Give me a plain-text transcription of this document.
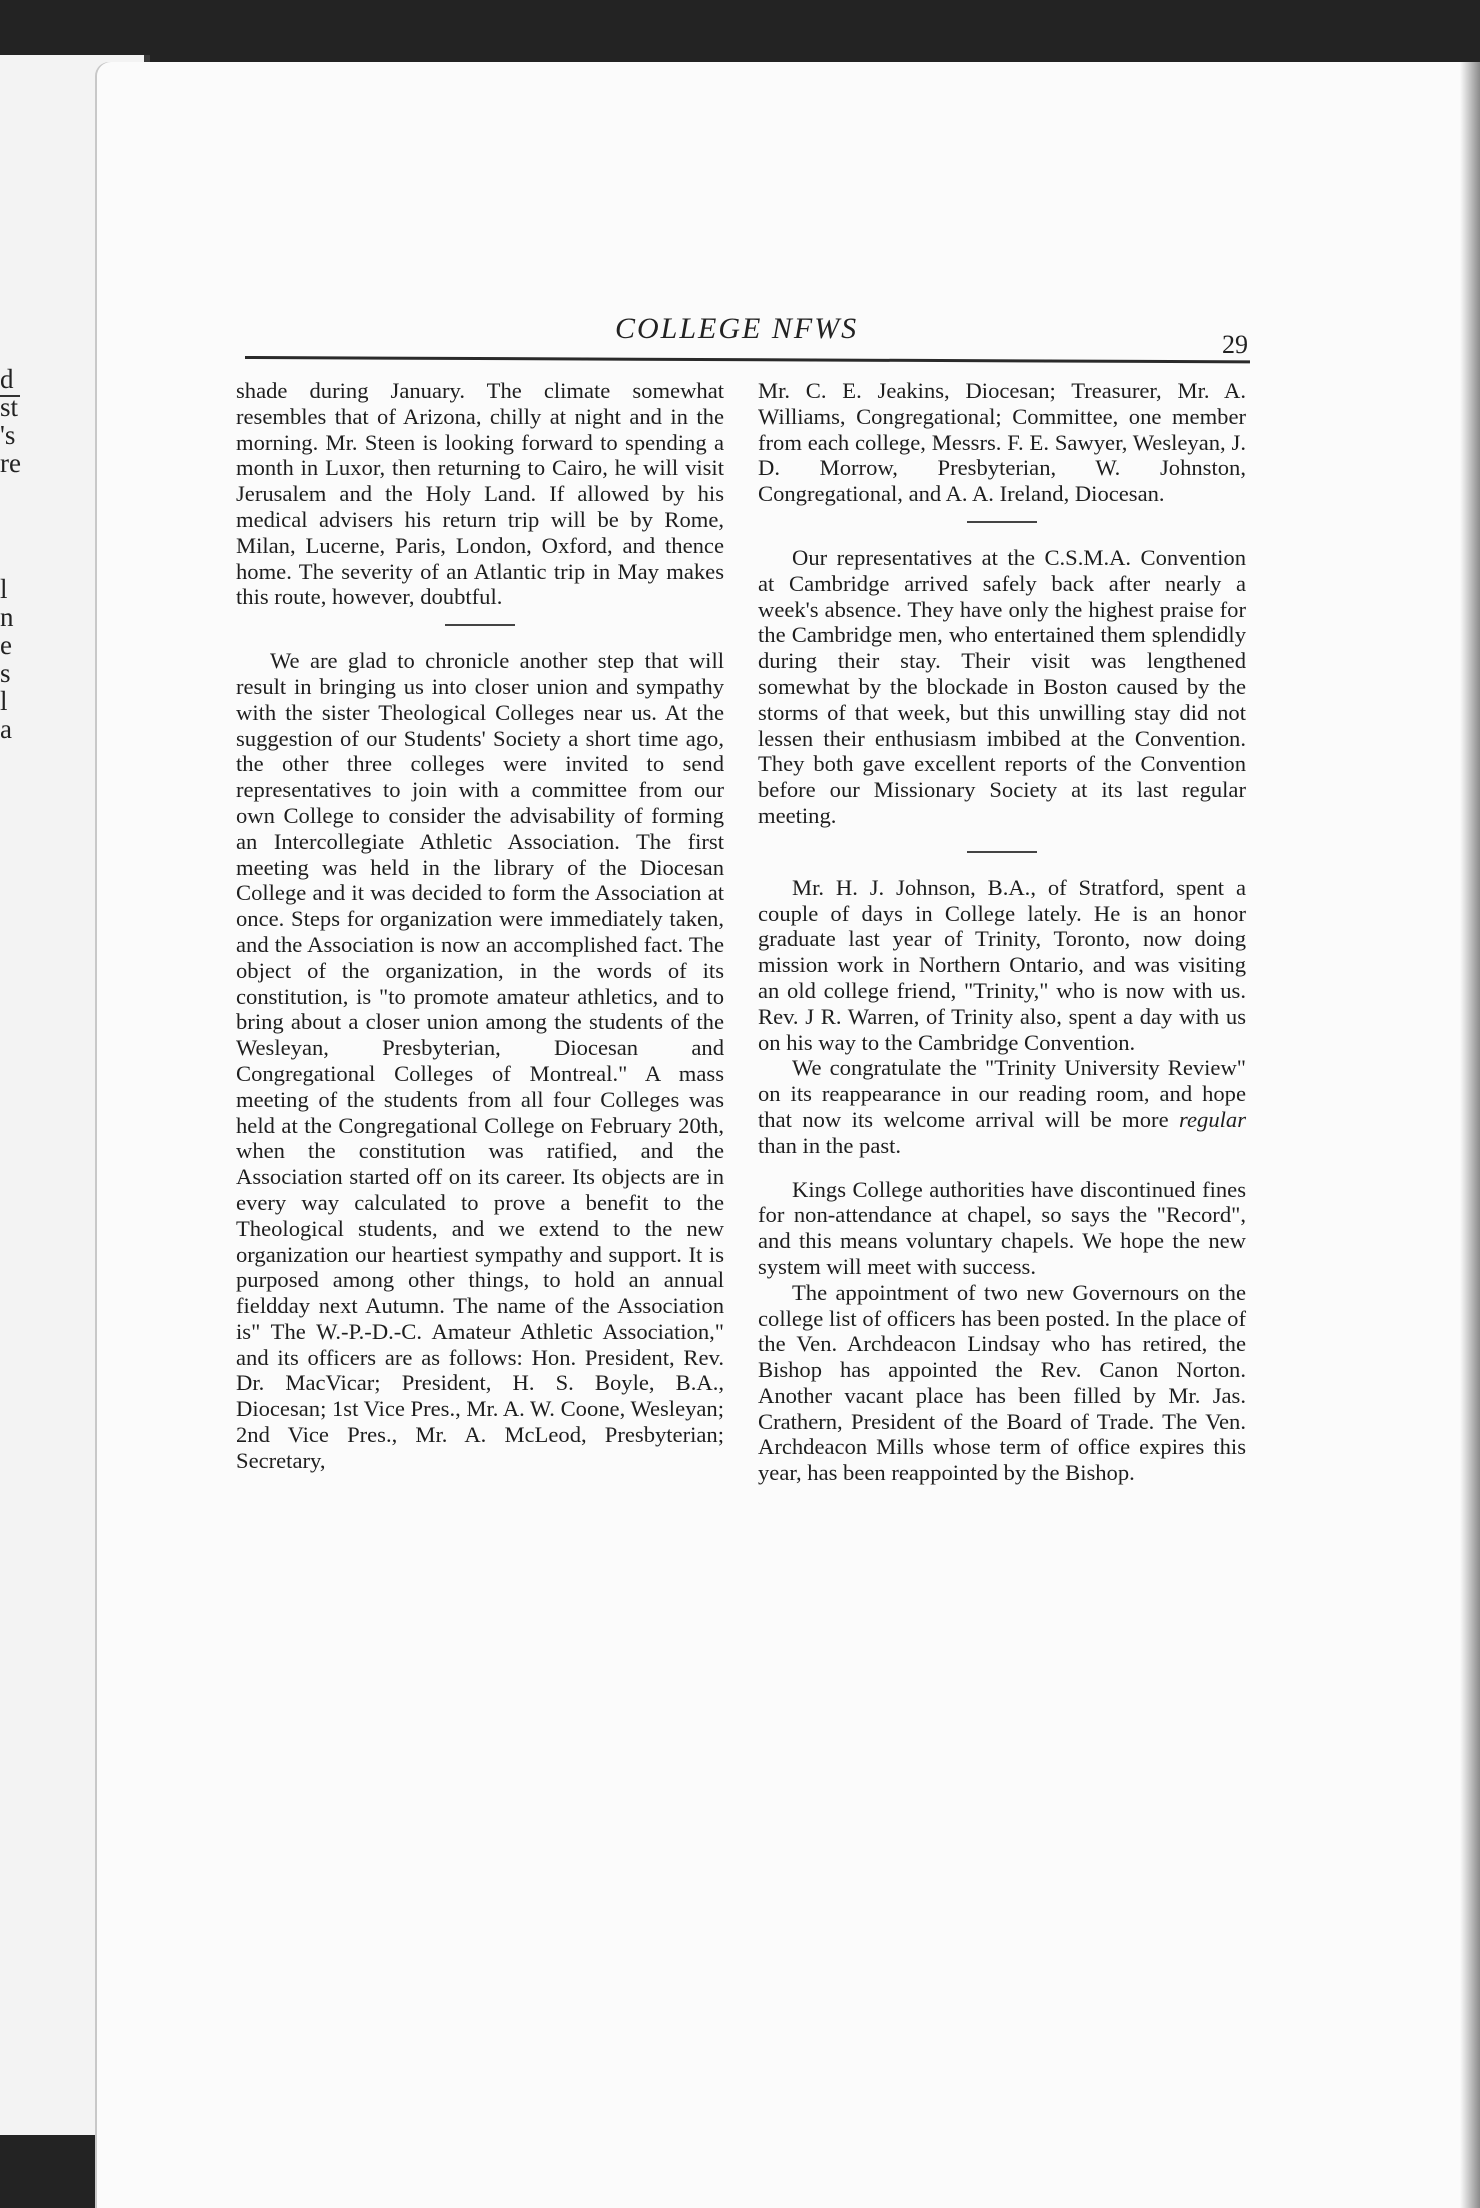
d
st
's
re
l
n
e
s
l
a
COLLEGE NFWS	29

shade during January. The climate somewhat resembles that of Arizona, chilly at night and in the morning. Mr. Steen is looking forward to spending a month in Luxor, then returning to Cairo, he will visit Jerusalem and the Holy Land. If allowed by his medical advisers his return trip will be by Rome, Milan, Lucerne, Paris, London, Oxford, and thence home. The severity of an Atlantic trip in May makes this route, however, doubtful.

We are glad to chronicle another step that will result in bringing us into closer union and sympathy with the sister Theological Colleges near us. At the suggestion of our Students' Society a short time ago, the other three colleges were invited to send representatives to join with a committee from our own College to consider the advisability of forming an Intercollegiate Athletic Association. The first meeting was held in the library of the Diocesan College and it was decided to form the Association at once. Steps for organization were immediately taken, and the Association is now an accomplished fact. The object of the organization, in the words of its constitution, is "to promote amateur athletics, and to bring about a closer union among the students of the Wesleyan, Presbyterian, Diocesan and Congregational Colleges of Montreal." A mass meeting of the students from all four Colleges was held at the Congregational College on February 20th, when the constitution was ratified, and the Association started off on its career. Its objects are in every way calculated to prove a benefit to the Theological students, and we extend to the new organization our heartiest sympathy and support. It is purposed among other things, to hold an annual fieldday next Autumn. The name of the Association is" The W.-P.-D.-C. Amateur Athletic Association," and its officers are as follows: Hon. President, Rev. Dr. MacVicar; President, H. S. Boyle, B.A., Diocesan; 1st Vice Pres., Mr. A. W. Coone, Wesleyan; 2nd Vice Pres., Mr. A. McLeod, Presbyterian; Secretary,

Mr. C. E. Jeakins, Diocesan; Treasurer, Mr. A. Williams, Congregational; Committee, one member from each college, Messrs. F. E. Sawyer, Wesleyan, J. D. Morrow, Presbyterian, W. Johnston, Congregational, and A. A. Ireland, Diocesan.

Our representatives at the C.S.M.A. Convention at Cambridge arrived safely back after nearly a week's absence. They have only the highest praise for the Cambridge men, who entertained them splendidly during their stay. Their visit was lengthened somewhat by the blockade in Boston caused by the storms of that week, but this unwilling stay did not lessen their enthusiasm imbibed at the Convention. They both gave excellent reports of the Convention before our Missionary Society at its last regular meeting.

Mr. H. J. Johnson, B.A., of Stratford, spent a couple of days in College lately. He is an honor graduate last year of Trinity, Toronto, now doing mission work in Northern Ontario, and was visiting an old college friend, "Trinity," who is now with us. Rev. J R. Warren, of Trinity also, spent a day with us on his way to the Cambridge Convention.

We congratulate the "Trinity University Review" on its reappearance in our reading room, and hope that now its welcome arrival will be more regular than in the past.

Kings College authorities have discontinued fines for non-attendance at chapel, so says the "Record", and this means voluntary chapels. We hope the new system will meet with success.

The appointment of two new Governours on the college list of officers has been posted. In the place of the Ven. Archdeacon Lindsay who has retired, the Bishop has appointed the Rev. Canon Norton. Another vacant place has been filled by Mr. Jas. Crathern, President of the Board of Trade. The Ven. Archdeacon Mills whose term of office expires this year, has been reappointed by the Bishop.
